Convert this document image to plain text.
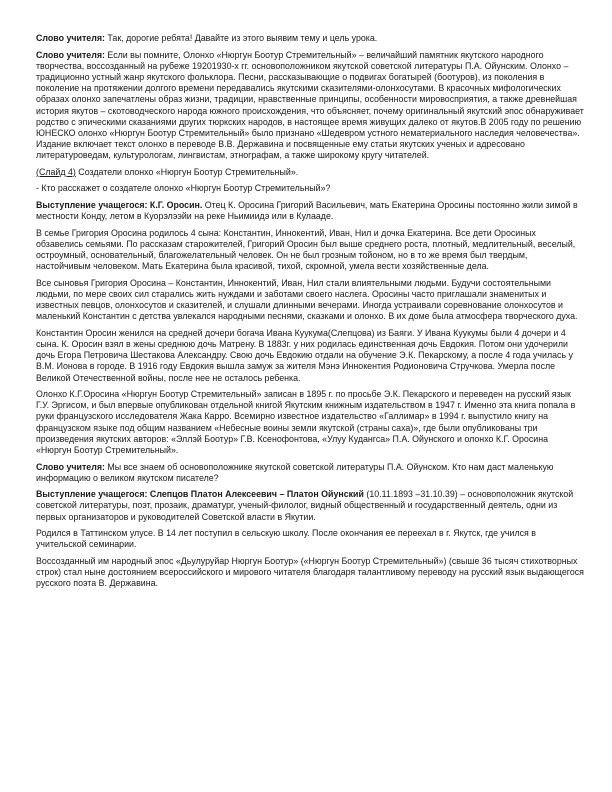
Слово учителя: Так, дорогие ребята! Давайте из этого выявим тему и цель урока.

Слово учителя: Если вы помните, Олонхо «Нюргун Боотур Стремительный» – величайший памятник якутского народного творчества, воссозданный на рубеже 19201930-х гг. основоположником якутской советской литературы П.А. Ойунским. Олонхо – традиционно устный жанр якутского фольклора. Песни, рассказывающие о подвигах богатырей (боотуров), из поколения в поколение на протяжении долгого времени передавались якутскими сказителями-олонхосутами. В красочных мифологических образах олонхо запечатлены образ жизни, традиции, нравственные принципы, особенности мировосприятия, а также древнейшая история якутов – скотоводческого народа южного происхождения, что объясняет, почему оригинальный якутский эпос обнаруживает родство с эпическими сказаниями других тюркских народов, в настоящее время живущих далеко от якутов.В 2005 году по решению ЮНЕСКО олонхо «Нюргун Боотур Стремительный» было признано «Шедевром устного нематериального наследия человечества». Издание включает текст олонхо в переводе В.В. Державина и посвященные ему статьи якутских ученых и адресовано литературоведам, культурологам, лингвистам, этнографам, а также широкому кругу читателей.

(Слайд 4) Создатели олонхо «Нюргун Боотур Стремительный».

- Кто расскажет о создателе олонхо «Нюргун Боотур Стремительный»?

Выступление учащегося: К.Г. Оросин. Отец К. Оросина Григорий Васильевич, мать Екатерина Оросины постоянно жили зимой в местности Конду, летом в Куорэлээйи на реке Ньимиидэ или в Кулааде.

В семье Григория Оросина родилось 4 сына: Константин, Иннокентий, Иван, Нил и дочка Екатерина. Все дети Оросиных обзавелись семьями. По рассказам старожителей, Григорий Оросин был выше среднего роста, плотный, медлительный, веселый, остроумный, основательный, благожелательный человек. Он не был грозным тойоном, но в то же время был твердым, настойчивым человеком. Мать Екатерина была красивой, тихой, скромной, умела вести хозяйственные дела.

Все сыновья Григория Оросина – Константин, Иннокентий, Иван, Нил стали влиятельными людьми. Будучи состоятельными людьми, по мере своих сил старались жить нуждами и заботами своего наслега. Оросины часто приглашали знаменитых и известных певцов, олонхосутов и сказителей, и слушали длинными вечерами. Иногда устраивали соревнование олонхосутов и маленький Константин с детства увлекался народными песнями, сказками и олонхо. В их доме была атмосфера творческого духа.

Константин Оросин женился на средней дочери богача Ивана Куукума(Слепцова) из Баяги. У Ивана Куукумы были 4 дочери и 4 сына. К. Оросин взял в жены среднюю дочь Матрену. В 1883г. у них родилась единственная дочь Евдокия. Потом они удочерили дочь Егора Петровича Шестакова Александру. Свою дочь Евдокию отдали на обучение Э.К. Пекарскому, а после 4 года училась у В.М. Ионова в городе. В 1916 году Евдокия вышла замуж за жителя Мэнэ Иннокентия Родионовича Стручкова. Умерла после Великой Отечественной войны, после нее не осталось ребенка.

Олонхо К.Г.Оросина «Нюргун Боотур Стремительный» записан в 1895 г. по просьбе Э.К. Пекарского и переведен на русский язык Г.У. Эргисом, и был впервые опубликован отдельной книгой Якутским книжным издательством в 1947 г. Именно эта книга попала в руки французского исследователя Жака Карро. Всемирно известное издательство «Галлимар» в 1994 г. выпустило книгу на французском языке под общим названием «Небесные воины земли якутской (страны саха)», где были опубликованы три произведения якутских авторов: «Эллэй Боотур» Г.В. Ксенофонтова, «Улуу Кудангса» П.А. Ойунского и олонхо К.Г. Оросина «Нюргун Боотур Стремительный».

Слово учителя: Мы все знаем об основоположнике якутской советской литературы П.А. Ойунском. Кто нам даст маленькую информацию о великом якутском писателе?

Выступление учащегося: Слепцов Платон Алексеевич – Платон Ойунский (10.11.1893 –31.10.39) – основоположник якутской советской литературы, поэт, прозаик, драматург, ученый-филолог, видный общественный и государственный деятель, одни из первых организаторов и руководителей Советской власти в Якутии.

Родился в Таттинском улусе. В 14 лет поступил в сельскую школу. После окончания ее переехал в г. Якутск, где учился в учительской семинарии.

Воссозданный им народный эпос «Дьулуруйар Нюргун Боотур» («Нюргун Боотур Стремительный») (свыше 36 тысяч стихотворных строк) стал ныне достоянием всероссийского и мирового читателя благодаря талантливому переводу на русский язык выдающегося русского поэта В. Державина.
